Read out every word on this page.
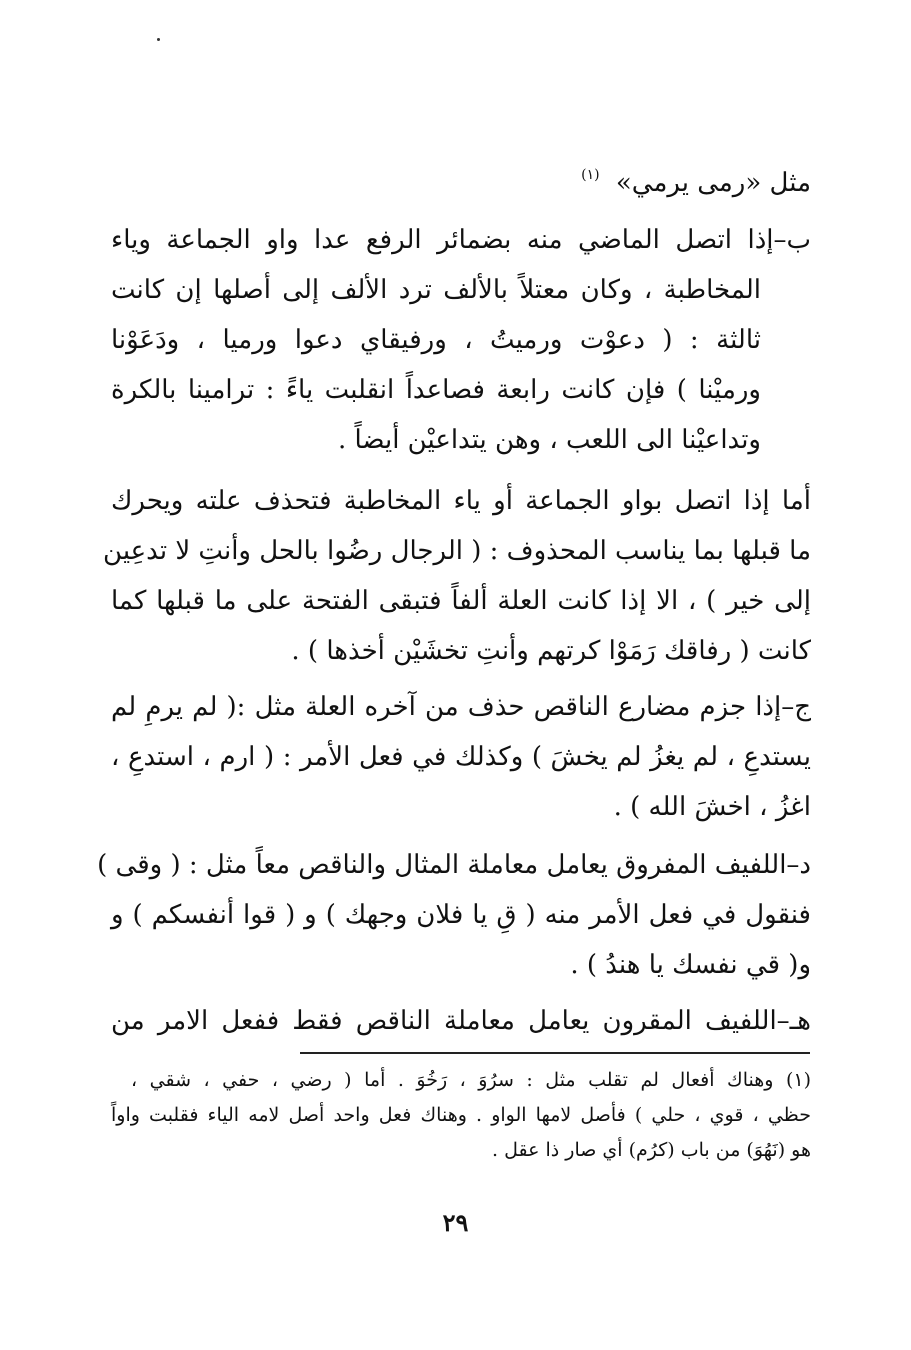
مثل «رمى يرمي» $^{(١)}$
ب–إذا اتصل الماضي منه بضمائر الرفع عدا واو الجماعة وياء
المخاطبة ، وكان معتلاً بالألف ترد الألف إلى أصلها إن كانت
ثالثة : ( دعوْت ورميتُ ، ورفيقاي دعوا ورميا ، ودَعَوْنا
ورميْنا ) فإن كانت رابعة فصاعداً انقلبت ياءً : ترامينا بالكرة
وتداعيْنا الى اللعب ، وهن يتداعيْن أيضاً .
أما إذا اتصل بواو الجماعة أو ياء المخاطبة فتحذف علته ويحرك
ما قبلها بما يناسب المحذوف : ( الرجال رضُوا بالحل وأنتِ لا تدعِين
إلى خير ) ، الا إذا كانت العلة ألفاً فتبقى الفتحة على ما قبلها كما
كانت ( رفاقك رَمَوْا كرتهم وأنتِ تخشَيْن أخذها ) .
ج–إذا جزم مضارع الناقص حذف من آخره العلة مثل :( لم يرمِ لم
يستدعِ ، لم يغزُ لم يخشَ ) وكذلك في فعل الأمر : ( ارم ، استدعِ ،
اغزُ ، اخشَ الله ) .
د–اللفيف المفروق يعامل معاملة المثال والناقص معاً مثل : ( وقى )
فنقول في فعل الأمر منه ( قِ يا فلان وجهك ) و ( قوا أنفسكم ) و
و( قي نفسك يا هندُ ) .
هـ–اللفيف المقرون يعامل معاملة الناقص فقط ففعل الامر من
(١) وهناك أفعال لم تقلب مثل : سرُوَ ، رَخُوَ . أما ( رضي ، حفي ، شقي ،
حظي ، قوي ، حلي ) فأصل لامها الواو . وهناك فعل واحد أصل لامه الياء فقلبت واواً
هو (نَهُوَ) من باب (كرُم) أي صار ذا عقل .
٢٩
